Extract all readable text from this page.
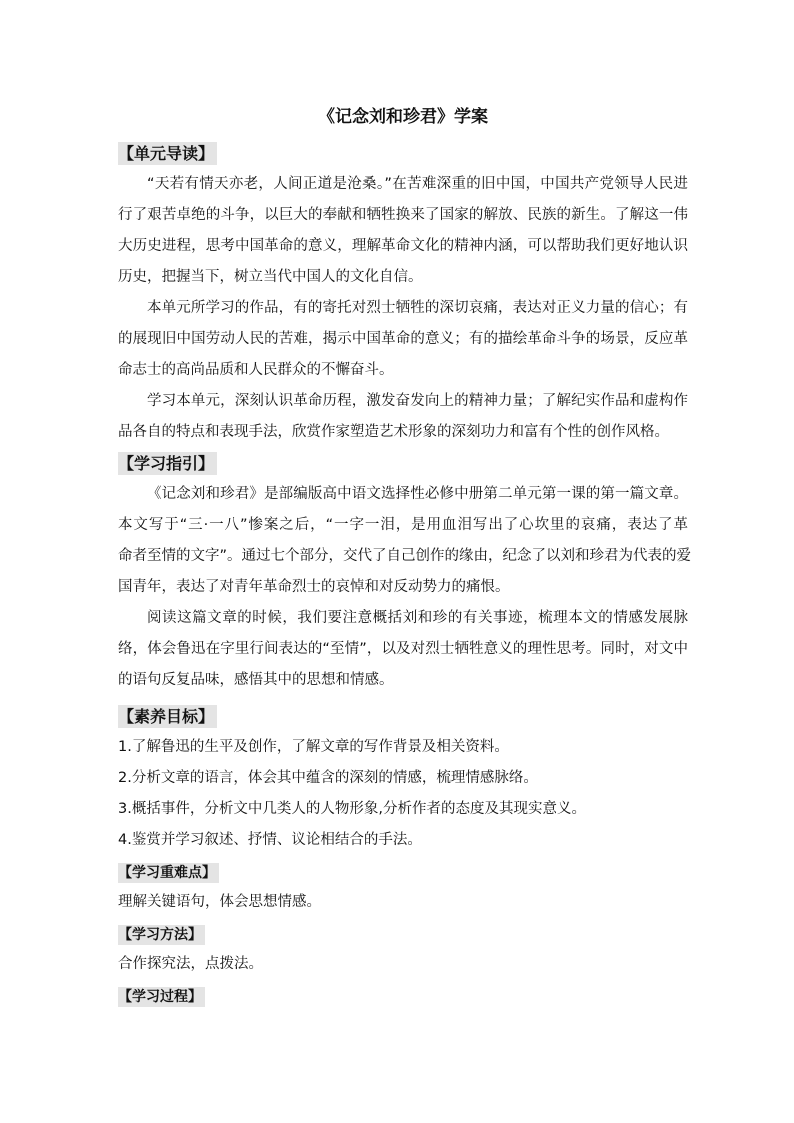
《记念刘和珍君》学案
【单元导读】
“天若有情天亦老，人间正道是沧桑。”在苦难深重的旧中国，中国共产党领导人民进
行了艰苦卓绝的斗争，以巨大的奉献和牺牲换来了国家的解放、民族的新生。了解这一伟
大历史进程，思考中国革命的意义，理解革命文化的精神内涵，可以帮助我们更好地认识
历史，把握当下，树立当代中国人的文化自信。
本单元所学习的作品，有的寄托对烈士牺牲的深切哀痛，表达对正义力量的信心；有
的展现旧中国劳动人民的苦难，揭示中国革命的意义；有的描绘革命斗争的场景，反应革
命志士的高尚品质和人民群众的不懈奋斗。
学习本单元，深刻认识革命历程，激发奋发向上的精神力量；了解纪实作品和虚构作
品各自的特点和表现手法，欣赏作家塑造艺术形象的深刻功力和富有个性的创作风格。
【学习指引】
《记念刘和珍君》是部编版高中语文选择性必修中册第二单元第一课的第一篇文章。
本文写于“三·一八”惨案之后，“一字一泪，是用血泪写出了心坎里的哀痛，表达了革
命者至情的文字”。通过七个部分，交代了自己创作的缘由，纪念了以刘和珍君为代表的爱
国青年，表达了对青年革命烈士的哀悼和对反动势力的痛恨。
阅读这篇文章的时候，我们要注意概括刘和珍的有关事迹，梳理本文的情感发展脉
络，体会鲁迅在字里行间表达的“至情”，以及对烈士牺牲意义的理性思考。同时，对文中
的语句反复品味，感悟其中的思想和情感。
【素养目标】
1.了解鲁迅的生平及创作，了解文章的写作背景及相关资料。
2.分析文章的语言，体会其中蕴含的深刻的情感，梳理情感脉络。
3.概括事件，分析文中几类人的人物形象,分析作者的态度及其现实意义。
4.鉴赏并学习叙述、抒情、议论相结合的手法。
【学习重难点】
理解关键语句，体会思想情感。
【学习方法】
合作探究法，点拨法。
【学习过程】
